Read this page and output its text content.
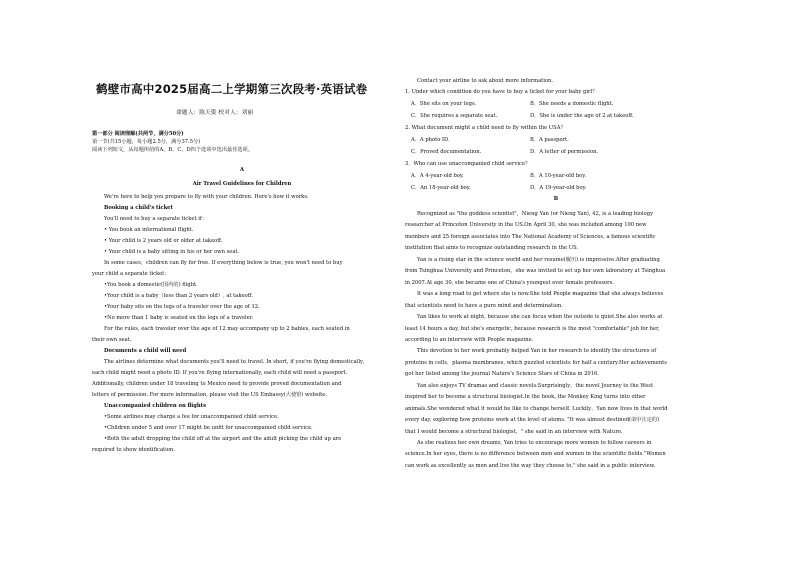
鹤壁市高中2025届高二上学期第三次段考·英语试卷
命题人：陈天姿 校对人：刘丽
第一部分 阅读理解(共两节，满分50分)
第一节(共15小题，每小题2.5分，满分37.5分)
阅读下列短文，从每题所给的A、B、C、D四个选项中选出最佳选项。
A
Air Travel Guidelines for Children
We're here to help you prepare to fly with your children. Here's how it works.
Booking a child's ticket
You'll need to buy a separate ticket if：
• You book an international flight.
• Your child is 2 years old or older at takeoff.
• Your child is a baby sitting in his or her own seat.
In some cases，children can fly for free. If everything below is true, you won't need to buy
your child a separate ticket：
•You book a domestic(国内的) flight.
•Your child is a baby（less than 2 years old）, at takeoff.
•Your baby sits on the legs of a traveler over the age of 12.
•No more than 1 baby is seated on the legs of a traveler.
For the rules, each traveler over the age of 12 may accompany up to 2 babies, each seated in
their own seat.
Documents a child will need
The airlines determine what documents you'll need to travel. In short, if you're flying domestically，
each child might need a photo ID. If you're flying internationally, each child will need a passport.
Additionally, children under 18 traveling to Mexico need to provide proved documentation and
letters of permission. For more information, please visit the US Embassy(大使馆) website.
Unaccompanied children on flights
•Some airlines may charge a fee for unaccompanied child service.
•Children under 5 and over 17 might be unfit for unaccompanied child service.
•Both the adult dropping the child off at the airport and the adult picking the child up are
required to show identification.
Contact your airline to ask about more information.
1. Under which condition do you have to buy a ticket for your baby girl？
A．She sits on your legs.	B．She needs a domestic flight.
C．She requires a separate seat.	D．She is under the age of 2 at takeoff.
2. What document might a child need to fly within the USA？
A．A photo ID．	B．A passport.
C．Proved documentation.	D．A letter of permission.
3．Who can use unaccompanied child service？
A．A 4-year-old boy.	B．A 10-year-old boy.
C．An 18-year-old boy.	D．A 19-year-old boy.
B
Recognized as "the goddess scientist"，Nieng Yan (or Nieng Yan), 42, is a leading biology
researcher at Princeton University in the US.On April 30, she was included among 100 new
members and 25 foreign associates into The National Academy of Sciences, a famous scientific
institution that aims to recognize outstanding research in the US.
Yan is a rising star in the science world and her resume(履历) is impressive.After graduating
from Tsinghua University and Princeton，she was invited to set up her own laboratory at Tsinghua
in 2007.At age 30, she became one of China's youngest ever female professors.
It was a long road to get where she is now.She told People magazine that she always believes
that scientists need to have a pure mind and determination.
Yan likes to work at night, because she can focus when the outside is quiet.She also works at
least 14 hours a day, but she's energetic, because research is the most "comfortable" job for her,
according to an interview with People magazine.
This devotion to her work probably helped Yan in her research to identify the structures of
proteins in cells，plasma membranes, which puzzled scientists for half a century.Her achievements
got her listed among the journal Nature's Science Stars of China in 2016.
Yan also enjoys TV dramas and classic novels.Surprisingly，the novel Journey to the West
inspired her to become a structural biologist.In the book, the Monkey King turns into other
animals.She wondered what it would be like to change herself. Luckily，Yan now lives in that world
every day, exploring how proteins work at the level of atoms. "It was almost destined(命中注定的)
that I would become a structural biologist，" she said in an interview with Nature.
As she realizes her own dreams, Yan tries to encourage more women to follow careers in
science.In her eyes, there is no difference between men and women in the scientific fields."Women
can work as excellently as men and live the way they choose to," she said in a public interview.
